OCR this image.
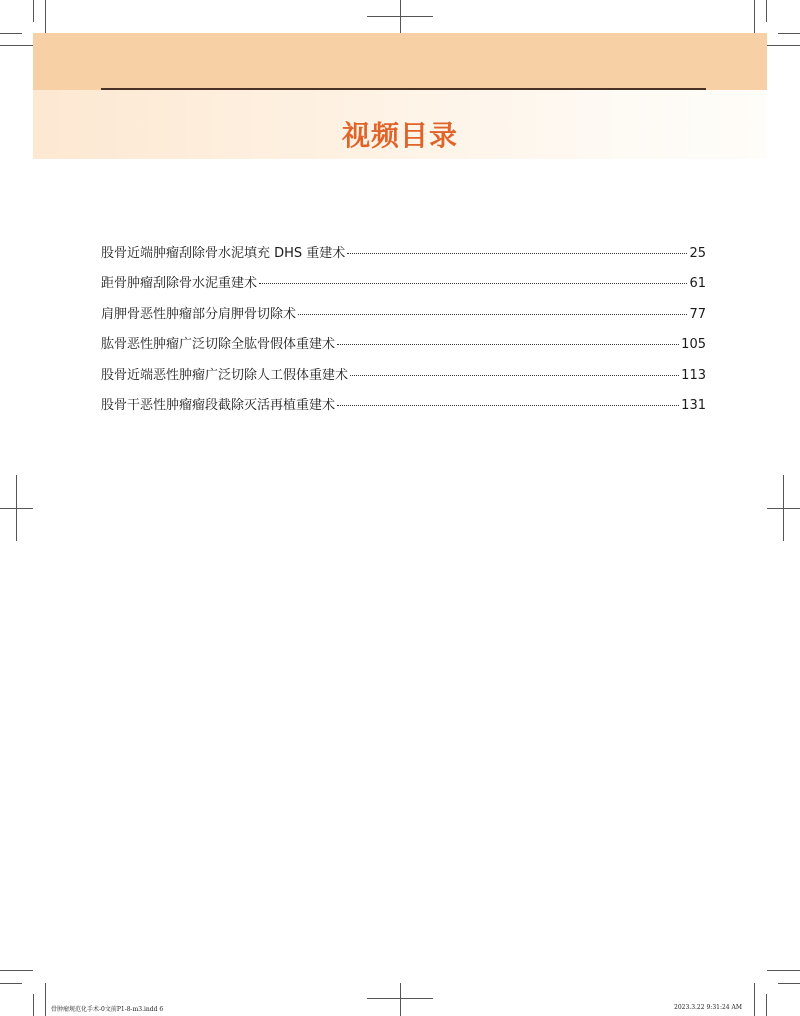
视频目录
股骨近端肿瘤刮除骨水泥填充 DHS 重建术	25
距骨肿瘤刮除骨水泥重建术	61
肩胛骨恶性肿瘤部分肩胛骨切除术	77
肱骨恶性肿瘤广泛切除全肱骨假体重建术	105
股骨近端恶性肿瘤广泛切除人工假体重建术	113
股骨干恶性肿瘤瘤段截除灭活再植重建术	131
骨肿瘤规范化手术-0文前P1-8-m3.indd 6	2023.3.22 9:31:24 AM
